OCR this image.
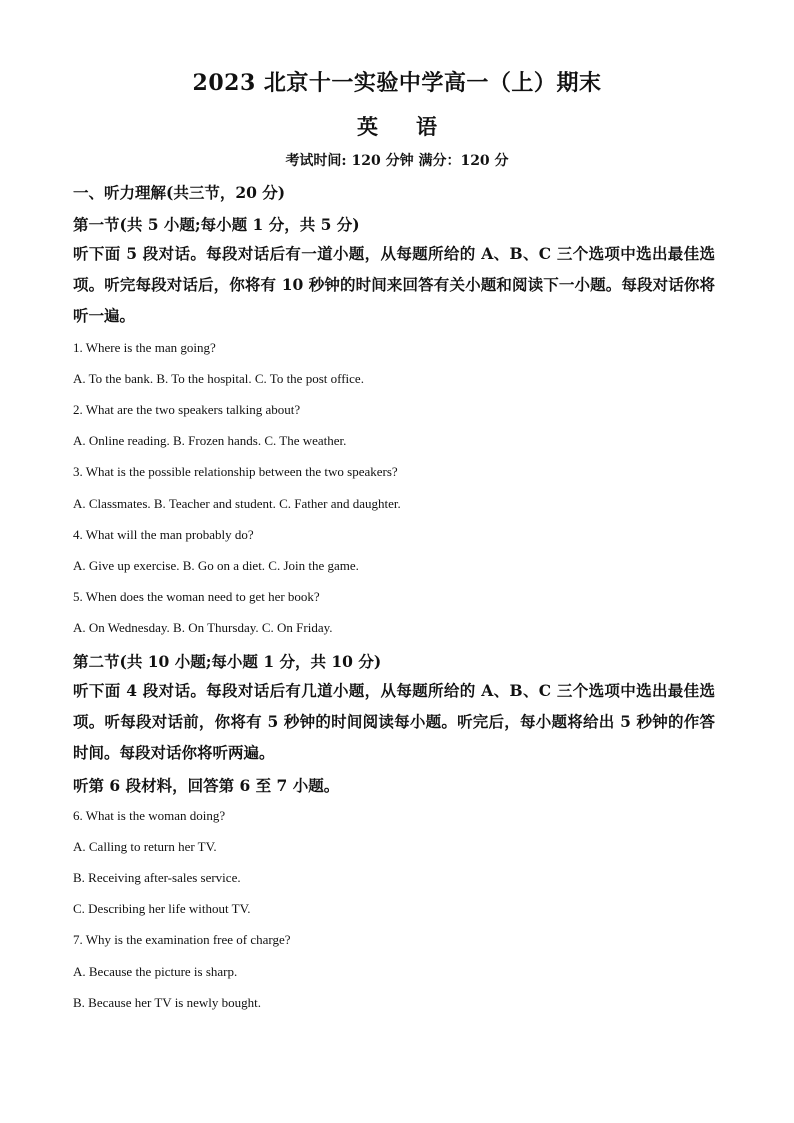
2023 北京十一实验中学高一（上）期末
英语
考试时间: 120 分钟 满分：120 分
一、听力理解(共三节，20 分)
第一节(共 5 小题;每小题 1 分，共 5 分)
听下面 5 段对话。每段对话后有一道小题，从每题所给的 A、B、C 三个选项中选出最佳选项。听完每段对话后，你将有 10 秒钟的时间来回答有关小题和阅读下一小题。每段对话你将听一遍。
1. Where is the man going?
A. To the bank. B. To the hospital. C. To the post office.
2. What are the two speakers talking about?
A. Online reading. B. Frozen hands. C. The weather.
3. What is the possible relationship between the two speakers?
A. Classmates. B. Teacher and student. C. Father and daughter.
4. What will the man probably do?
A. Give up exercise. B. Go on a diet. C. Join the game.
5. When does the woman need to get her book?
A. On Wednesday. B. On Thursday. C. On Friday.
第二节(共 10 小题;每小题 1 分，共 10 分)
听下面 4 段对话。每段对话后有几道小题，从每题所给的 A、B、C 三个选项中选出最佳选项。听每段对话前，你将有 5 秒钟的时间阅读每小题。听完后，每小题将给出 5 秒钟的作答时间。每段对话你将听两遍。
听第 6 段材料，回答第 6 至 7 小题。
6. What is the woman doing?
A. Calling to return her TV.
B. Receiving after-sales service.
C. Describing her life without TV.
7. Why is the examination free of charge?
A. Because the picture is sharp.
B. Because her TV is newly bought.
